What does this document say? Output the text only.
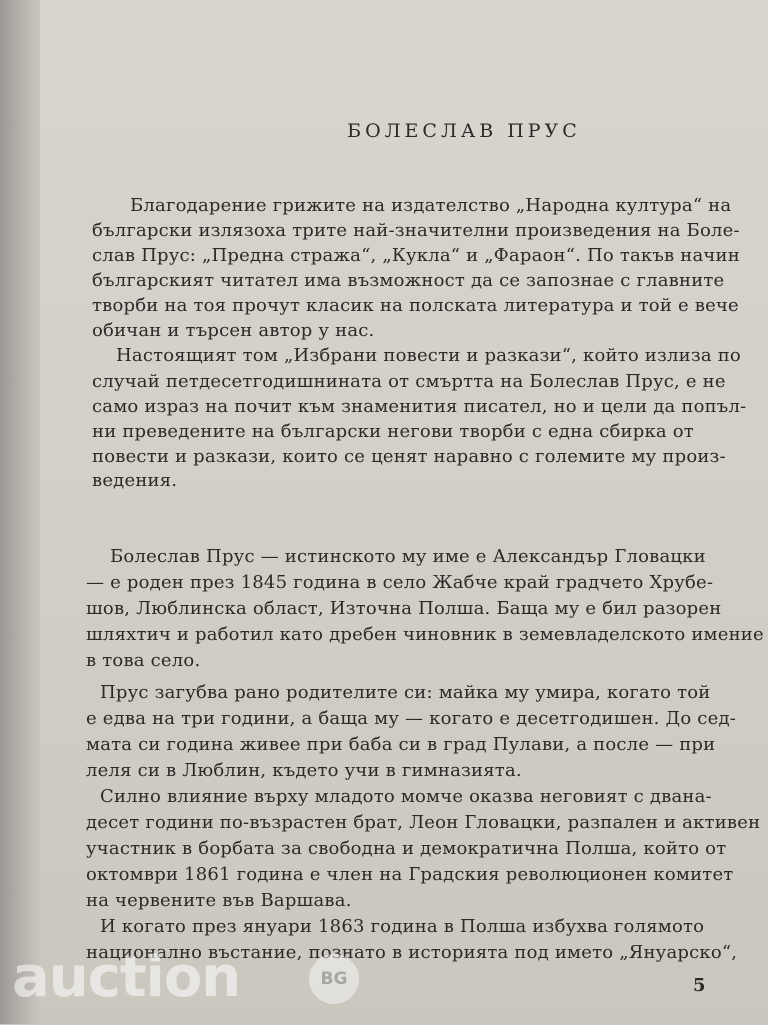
БОЛЕСЛАВ ПРУС
Благодарение грижите на издателство „Народна култура“ на
български излязоха трите най-значителни произведения на Боле-
слав Прус: „Предна стража“, „Кукла“ и „Фараон“. По такъв начин
българският читател има възможност да се запознае с главните
творби на тоя прочут класик на полската литература и той е вече
обичан и търсен автор у нас.
Настоящият том „Избрани повести и разкази“, който излиза по
случай петдесетгодишнината от смъртта на Болеслав Прус, е не
само израз на почит към знаменития писател, но и цели да попъл-
ни преведените на български негови творби с една сбирка от
повести и разкази, които се ценят наравно с големите му произ-
ведения.
Болеслав Прус — истинското му име е Александър Гловацки
— е роден през 1845 година в село Жабче край градчето Хрубе-
шов, Люблинска област, Източна Полша. Баща му е бил разорен
шляхтич и работил като дребен чиновник в земевладелското имение
в това село.
Прус загубва рано родителите си: майка му умира, когато той
е едва на три години, а баща му — когато е десетгодишен. До сед-
мата си година живее при баба си в град Пулави, а после — при
леля си в Люблин, където учи в гимназията.
Силно влияние върху младото момче оказва неговият с двана-
десет години по-възрастен брат, Леон Гловацки, разпален и активен
участник в борбата за свободна и демократична Полша, който от
октомври 1861 година е член на Градския революционен комитет
на червените във Варшава.
И когато през януари 1863 година в Полша избухва голямото
национално въстание, познато в историята под името „Януарско“,
5
auction	BG
